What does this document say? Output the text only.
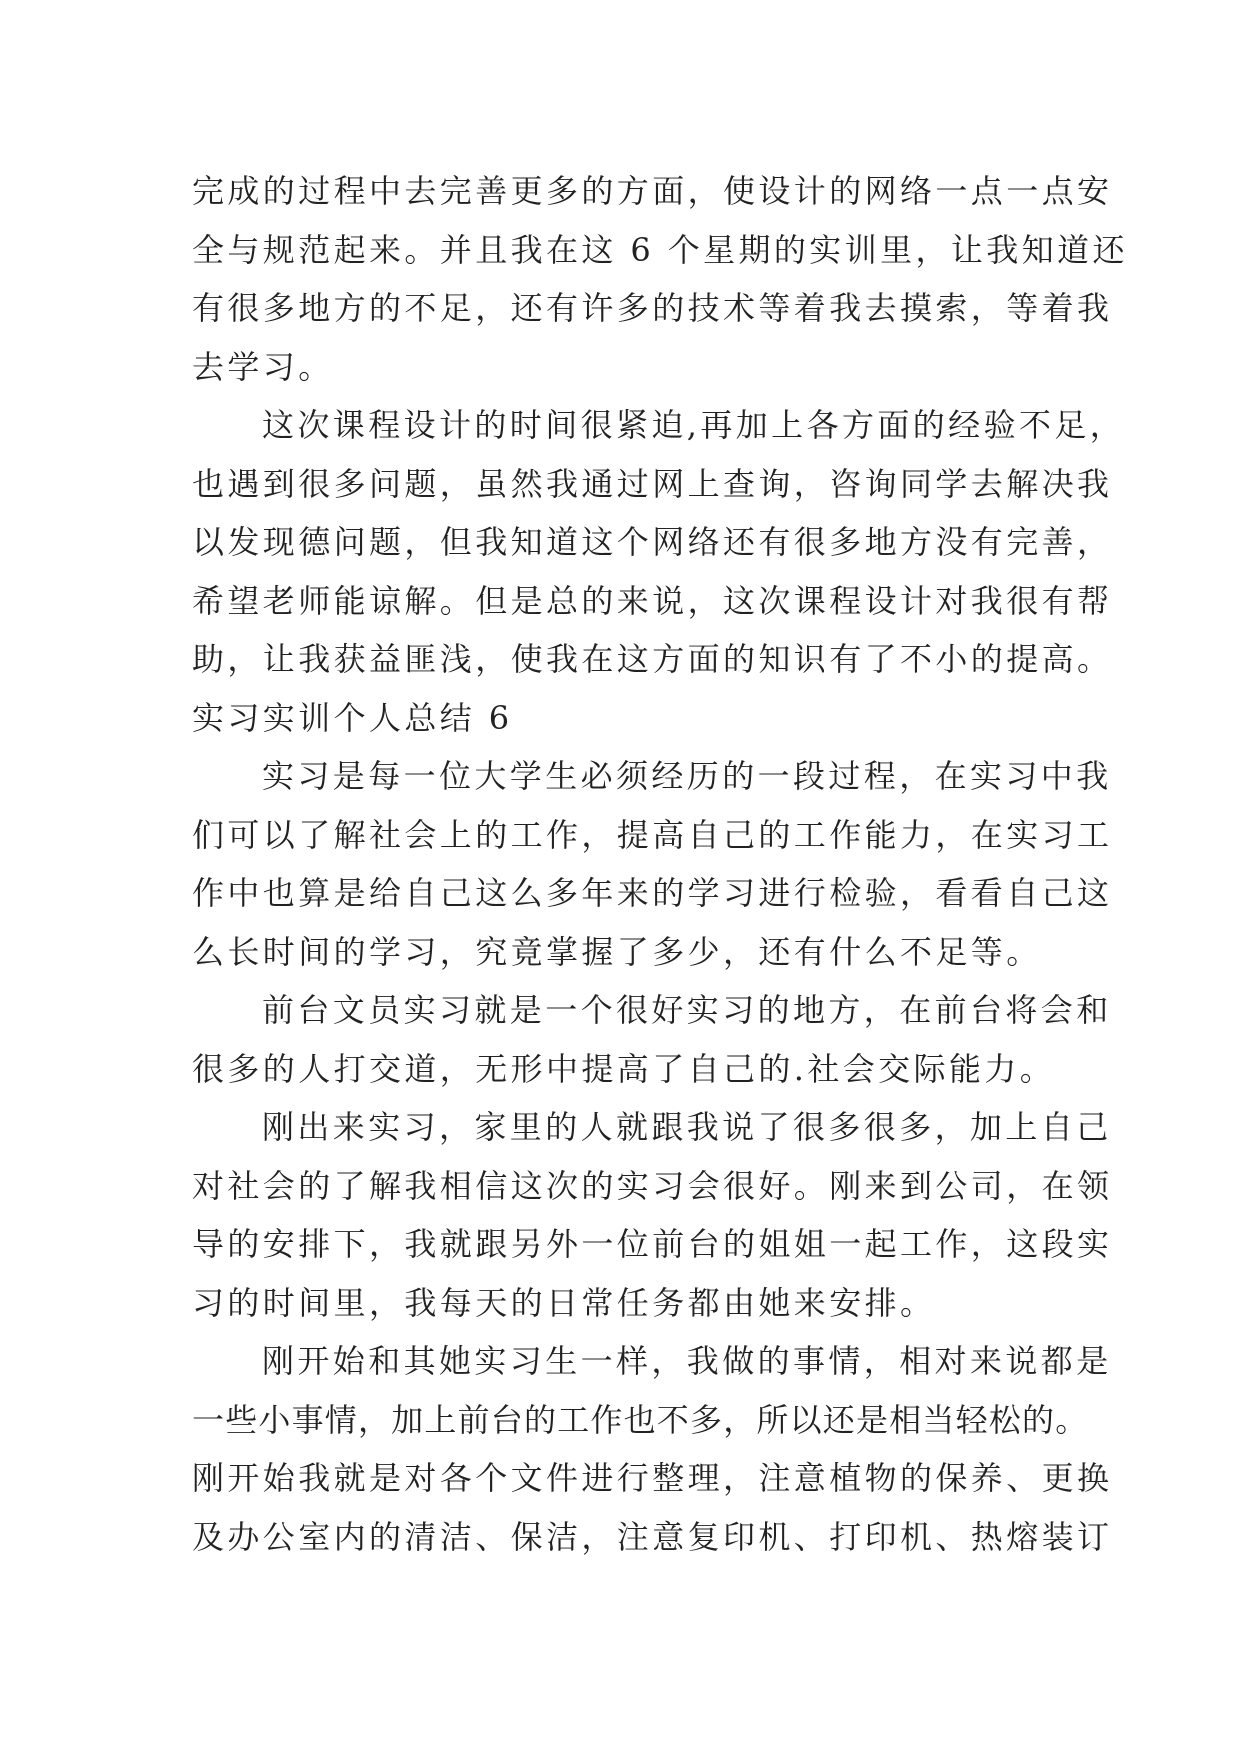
完成的过程中去完善更多的方面，使设计的网络一点一点安
全与规范起来。并且我在这 6 个星期的实训里，让我知道还
有很多地方的不足，还有许多的技术等着我去摸索，等着我
去学习。
这次课程设计的时间很紧迫,再加上各方面的经验不足，
也遇到很多问题，虽然我通过网上查询，咨询同学去解决我
以发现德问题，但我知道这个网络还有很多地方没有完善，
希望老师能谅解。但是总的来说，这次课程设计对我很有帮
助，让我获益匪浅，使我在这方面的知识有了不小的提高。
实习实训个人总结 6
实习是每一位大学生必须经历的一段过程，在实习中我
们可以了解社会上的工作，提高自己的工作能力，在实习工
作中也算是给自己这么多年来的学习进行检验，看看自己这
么长时间的学习，究竟掌握了多少，还有什么不足等。
前台文员实习就是一个很好实习的地方，在前台将会和
很多的人打交道，无形中提高了自己的.社会交际能力。
刚出来实习，家里的人就跟我说了很多很多，加上自己
对社会的了解我相信这次的实习会很好。刚来到公司，在领
导的安排下，我就跟另外一位前台的姐姐一起工作，这段实
习的时间里，我每天的日常任务都由她来安排。
刚开始和其她实习生一样，我做的事情，相对来说都是
一些小事情，加上前台的工作也不多，所以还是相当轻松的。
刚开始我就是对各个文件进行整理，注意植物的保养、更换
及办公室内的清洁、保洁，注意复印机、打印机、热熔装订
